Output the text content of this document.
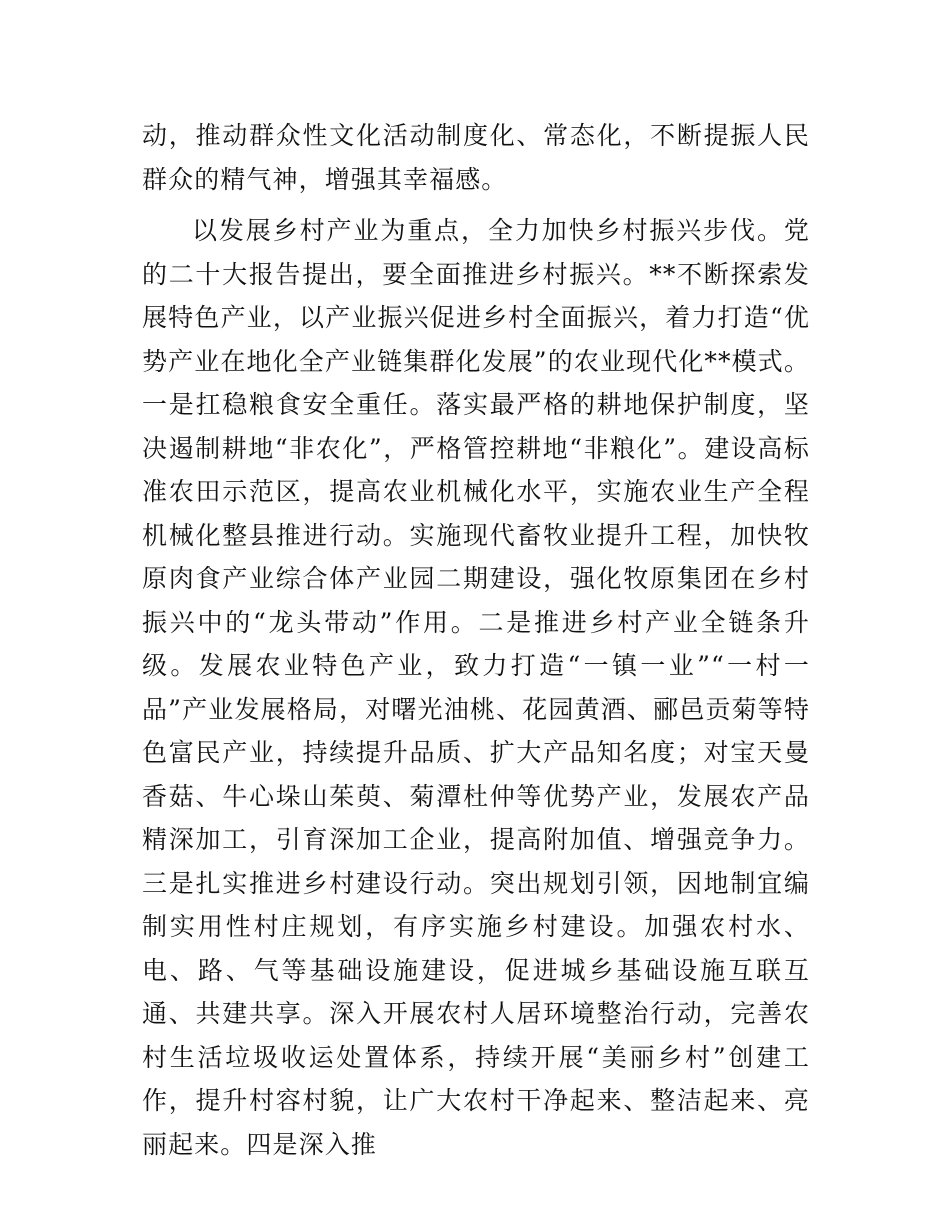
动，推动群众性文化活动制度化、常态化，不断提振人民群众的精气神，增强其幸福感。

以发展乡村产业为重点，全力加快乡村振兴步伐。党的二十大报告提出，要全面推进乡村振兴。**不断探索发展特色产业，以产业振兴促进乡村全面振兴，着力打造“优势产业在地化全产业链集群化发展”的农业现代化**模式。一是扛稳粮食安全重任。落实最严格的耕地保护制度，坚决遏制耕地“非农化”，严格管控耕地“非粮化”。建设高标准农田示范区，提高农业机械化水平，实施农业生产全程机械化整县推进行动。实施现代畜牧业提升工程，加快牧原肉食产业综合体产业园二期建设，强化牧原集团在乡村振兴中的“龙头带动”作用。二是推进乡村产业全链条升级。发展农业特色产业，致力打造“一镇一业”“一村一品”产业发展格局，对曙光油桃、花园黄酒、郦邑贡菊等特色富民产业，持续提升品质、扩大产品知名度；对宝天曼香菇、牛心垛山茱萸、菊潭杜仲等优势产业，发展农产品精深加工，引育深加工企业，提高附加值、增强竞争力。三是扎实推进乡村建设行动。突出规划引领，因地制宜编制实用性村庄规划，有序实施乡村建设。加强农村水、电、路、气等基础设施建设，促进城乡基础设施互联互通、共建共享。深入开展农村人居环境整治行动，完善农村生活垃圾收运处置体系，持续开展“美丽乡村”创建工作，提升村容村貌，让广大农村干净起来、整洁起来、亮丽起来。四是深入推
